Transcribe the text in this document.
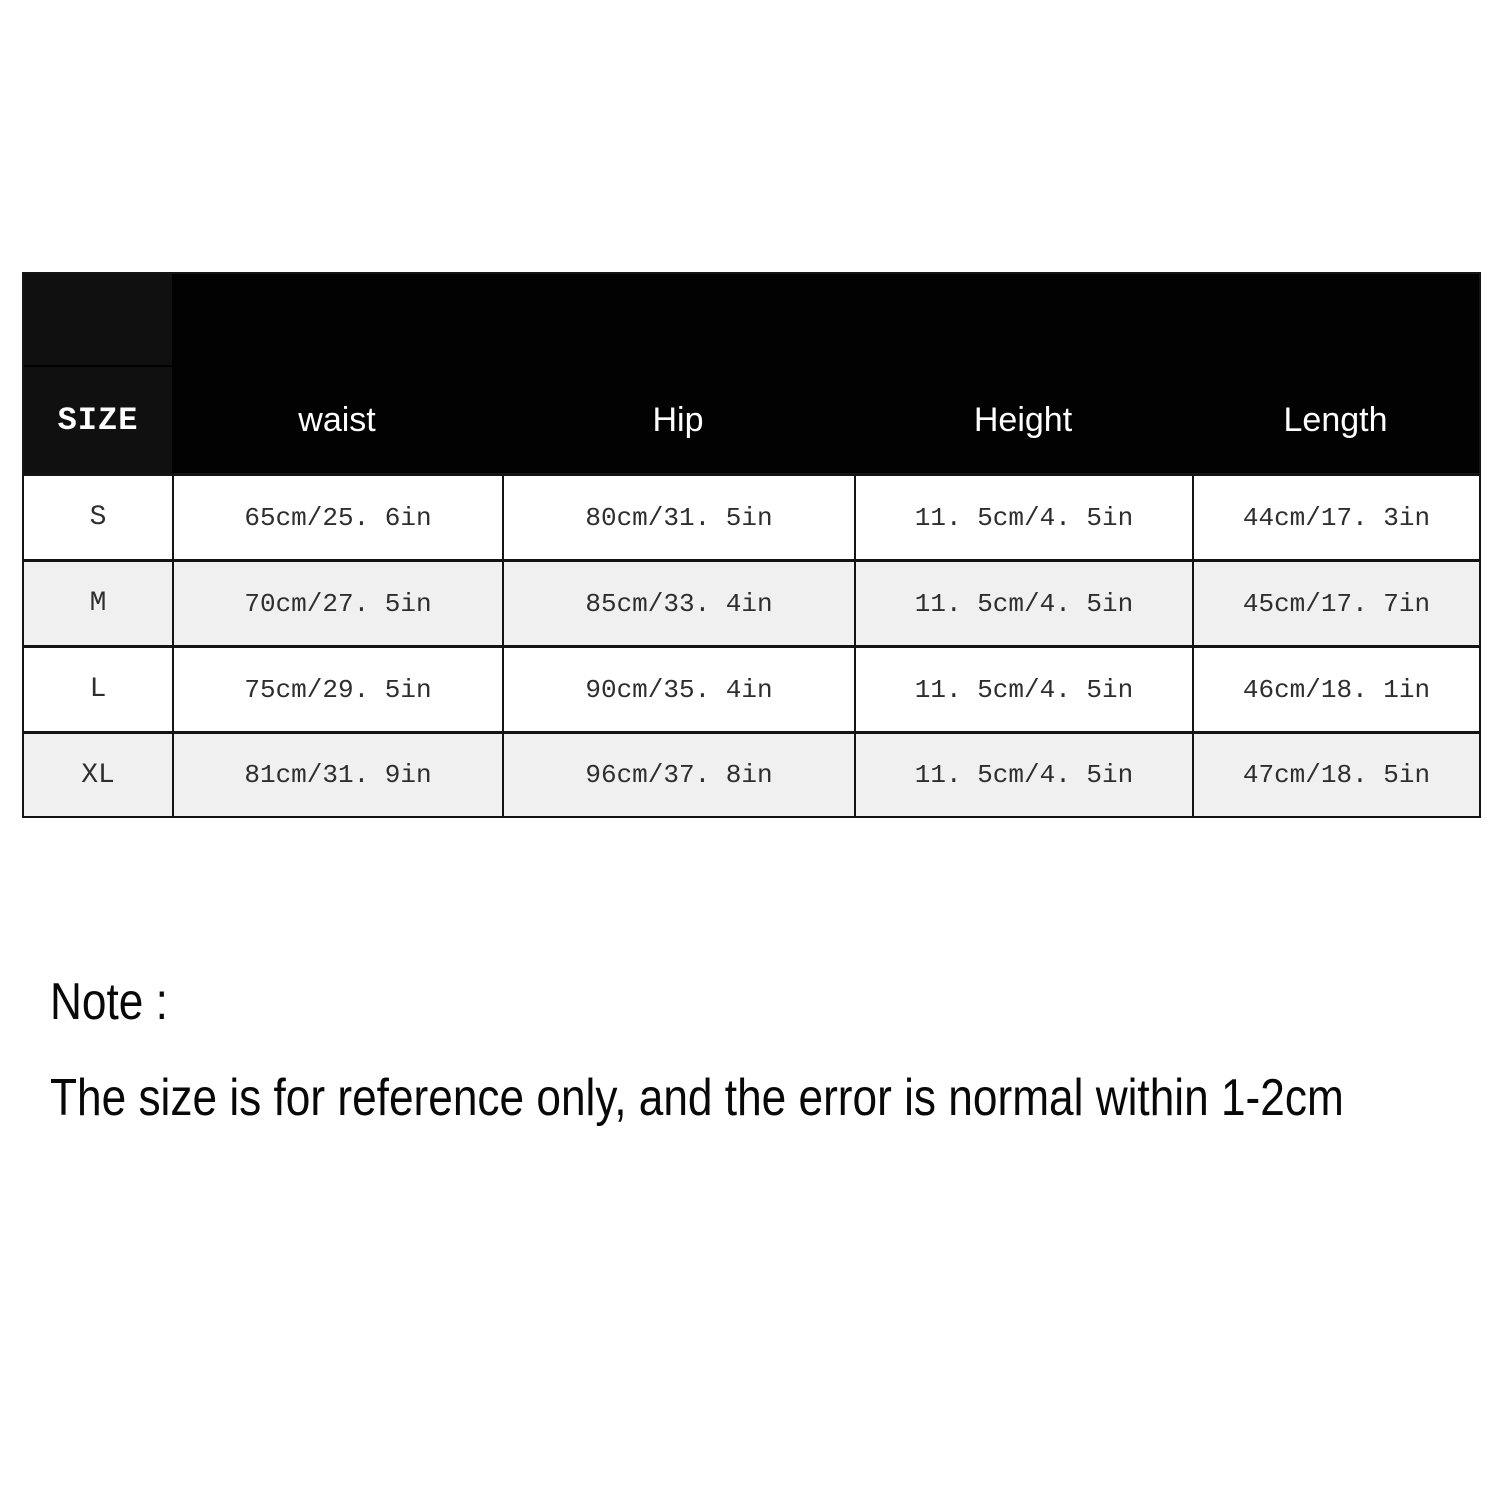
SIZE	waist	Hip	Height	Length
S	65cm/25. 6in	80cm/31. 5in	11. 5cm/4. 5in	44cm/17. 3in
M	70cm/27. 5in	85cm/33. 4in	11. 5cm/4. 5in	45cm/17. 7in
L	75cm/29. 5in	90cm/35. 4in	11. 5cm/4. 5in	46cm/18. 1in
XL	81cm/31. 9in	96cm/37. 8in	11. 5cm/4. 5in	47cm/18. 5in
Note :
The size is for reference only, and the error is normal within 1-2cm
